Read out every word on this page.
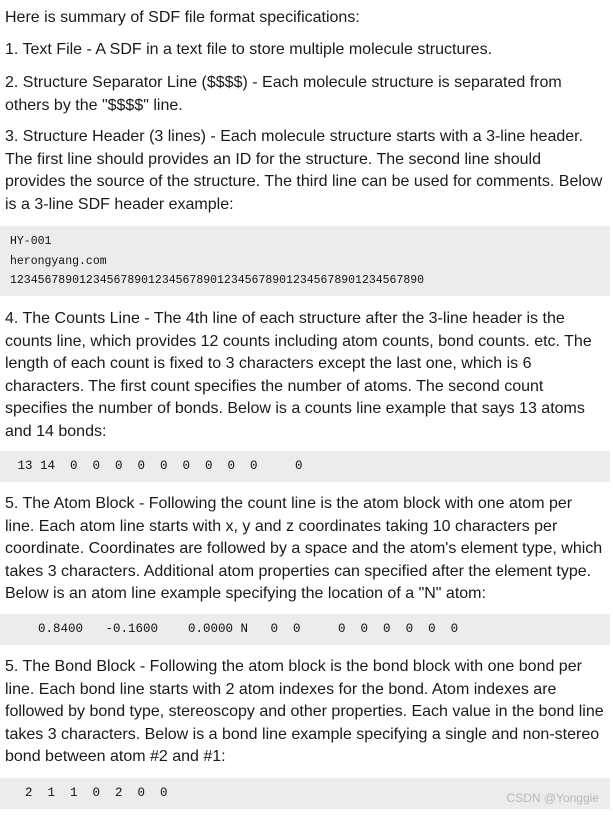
Here is summary of SDF file format specifications:
1. Text File - A SDF in a text file to store multiple molecule structures.
2. Structure Separator Line ($$$$) - Each molecule structure is separated from
others by the "$$$$" line.
3. Structure Header (3 lines) - Each molecule structure starts with a 3-line header.
The first line should provides an ID for the structure. The second line should
provides the source of the structure. The third line can be used for comments. Below
is a 3-line SDF header example:
HY-001
herongyang.com
123456789012345678901234567890123456789012345678901234567890
4. The Counts Line - The 4th line of each structure after the 3-line header is the
counts line, which provides 12 counts including atom counts, bond counts. etc. The
length of each count is fixed to 3 characters except the last one, which is 6
characters. The first count specifies the number of atoms. The second count
specifies the number of bonds. Below is a counts line example that says 13 atoms
and 14 bonds:
13 14  0  0  0  0  0  0  0  0  0     0
5. The Atom Block - Following the count line is the atom block with one atom per
line. Each atom line starts with x, y and z coordinates taking 10 characters per
coordinate. Coordinates are followed by a space and the atom's element type, which
takes 3 characters. Additional atom properties can specified after the element type.
Below is an atom line example specifying the location of a "N" atom:
0.8400   -0.1600    0.0000 N   0  0     0  0  0  0  0  0
5. The Bond Block - Following the atom block is the bond block with one bond per
line. Each bond line starts with 2 atom indexes for the bond. Atom indexes are
followed by bond type, stereoscopy and other properties. Each value in the bond line
takes 3 characters. Below is a bond line example specifying a single and non-stereo
bond between atom #2 and #1:
2  1  1  0  2  0  0	CSDN @Yonggie
